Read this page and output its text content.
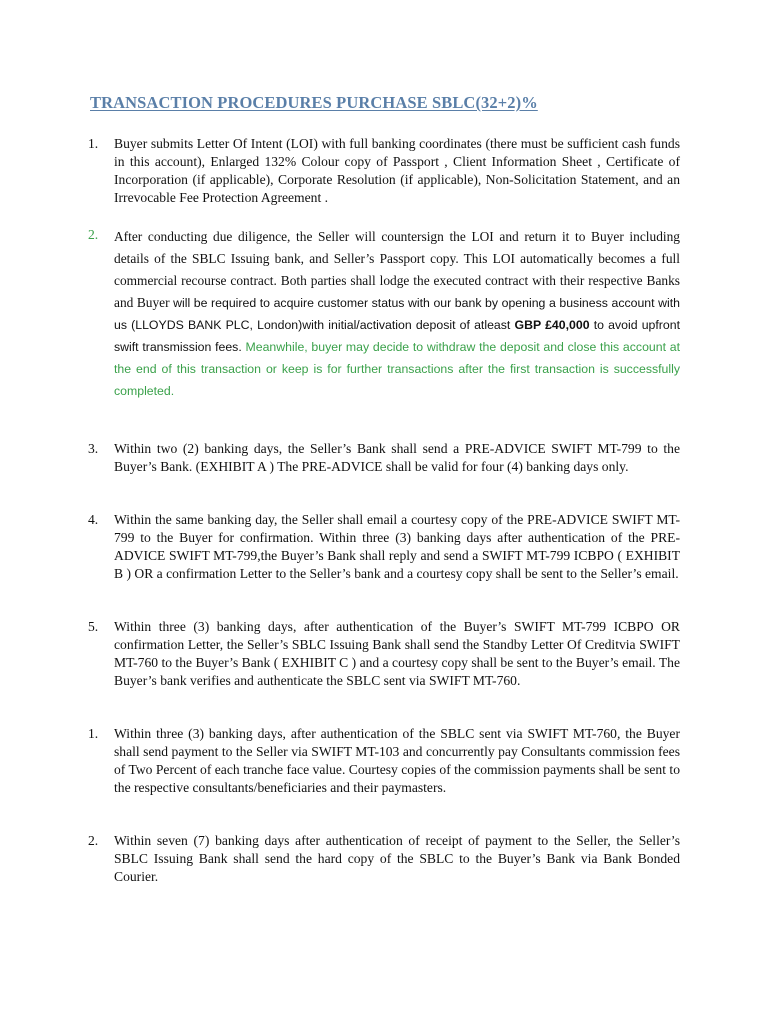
TRANSACTION PROCEDURES PURCHASE SBLC(32+2)%
1.	Buyer submits Letter Of Intent (LOI) with full banking coordinates (there must be sufficient cash funds in this account), Enlarged 132% Colour copy of Passport , Client Information Sheet , Certificate of Incorporation (if applicable), Corporate Resolution (if applicable), Non-Solicitation Statement, and an Irrevocable Fee Protection Agreement .
2.	After conducting due diligence, the Seller will countersign the LOI and return it to Buyer including details of the SBLC Issuing bank, and Seller’s Passport copy. This LOI automatically becomes a full commercial recourse contract. Both parties shall lodge the executed contract with their respective Banks and Buyer will be required to acquire customer status with our bank by opening a business account with us (LLOYDS BANK PLC, London)with initial/activation deposit of atleast GBP £40,000 to avoid upfront swift transmission fees. Meanwhile, buyer may decide to withdraw the deposit and close this account at the end of this transaction or keep is for further transactions after the first transaction is successfully completed.
3.	Within two (2) banking days, the Seller’s Bank shall send a PRE-ADVICE SWIFT MT-799 to the Buyer’s Bank. (EXHIBIT A ) The PRE-ADVICE shall be valid for four (4) banking days only.
4.	Within the same banking day, the Seller shall email a courtesy copy of the PRE-ADVICE SWIFT MT-799 to the Buyer for confirmation. Within three (3) banking days after authentication of the PRE-ADVICE SWIFT MT-799,the Buyer’s Bank shall reply and send a SWIFT MT-799 ICBPO ( EXHIBIT B ) OR a confirmation Letter to the Seller’s bank and a courtesy copy shall be sent to the Seller’s email.
5.	Within three (3) banking days, after authentication of the Buyer’s SWIFT MT-799 ICBPO OR confirmation Letter, the Seller’s SBLC Issuing Bank shall send the Standby Letter Of Creditvia SWIFT MT-760 to the Buyer’s Bank ( EXHIBIT C ) and a courtesy copy shall be sent to the Buyer’s email. The Buyer’s bank verifies and authenticate the SBLC sent via SWIFT MT-760.
1.	Within three (3) banking days, after authentication of the SBLC sent via SWIFT MT-760, the Buyer shall send payment to the Seller via SWIFT MT-103 and concurrently pay Consultants commission fees of Two Percent of each tranche face value. Courtesy copies of the commission payments shall be sent to the respective consultants/beneficiaries and their paymasters.
2.	Within seven (7) banking days after authentication of receipt of payment to the Seller, the Seller’s SBLC Issuing Bank shall send the hard copy of the SBLC to the Buyer’s Bank via Bank Bonded Courier.
